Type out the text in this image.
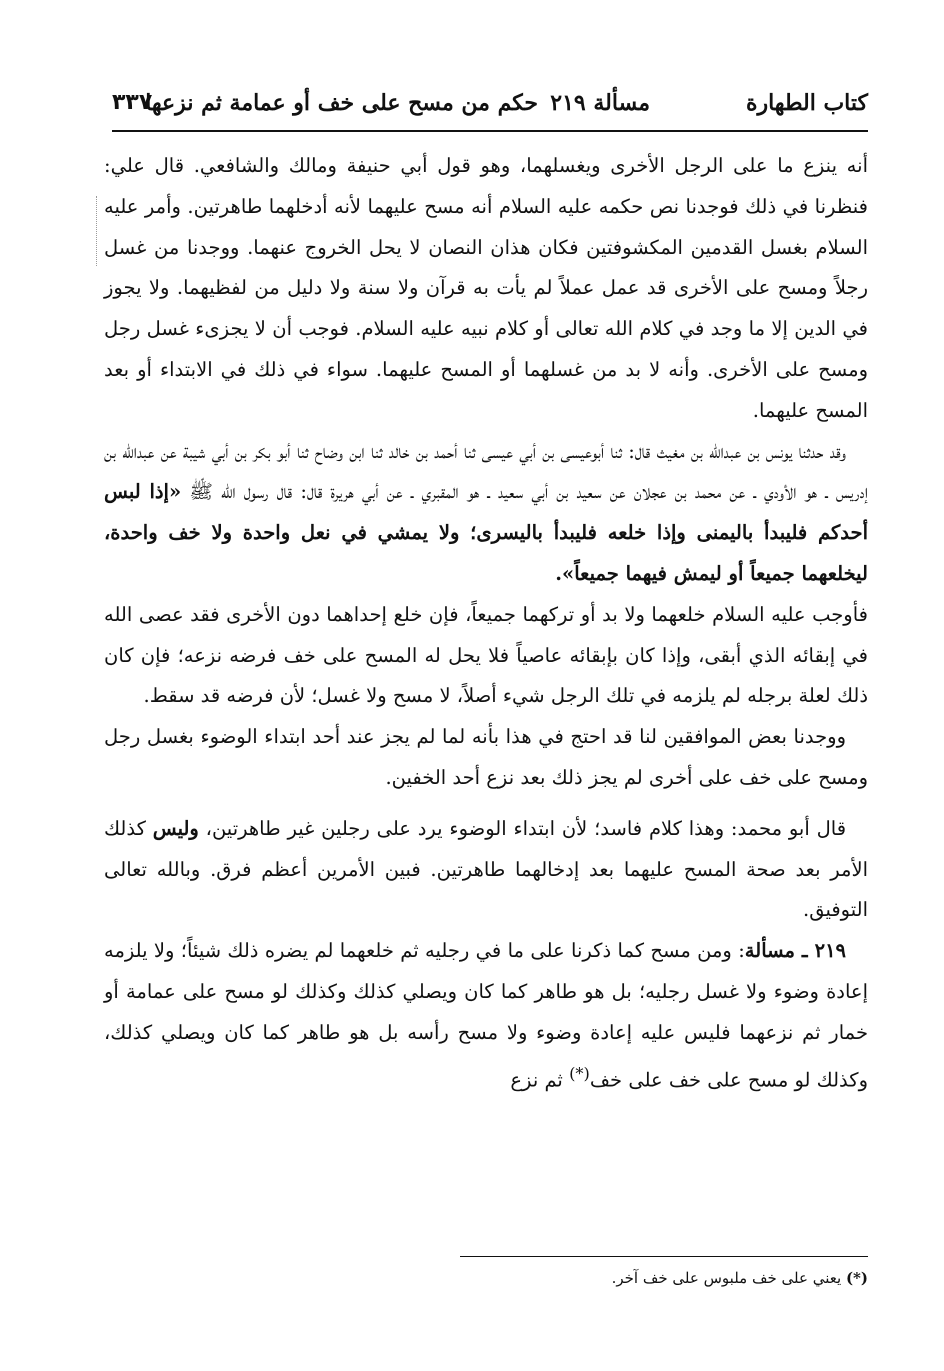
كتاب الطهارة
مسألة ٢١٩
حكم من مسح على خف أو عمامة ثم نزعها
٣٣٧

أنه ينزع ما على الرجل الأخرى ويغسلهما، وهو قول أبي حنيفة ومالك والشافعي. قال علي: فنظرنا في ذلك فوجدنا نص حكمه عليه السلام أنه مسح عليهما لأنه أدخلهما طاهرتين. وأمر عليه السلام بغسل القدمين المكشوفتين فكان هذان النصان لا يحل الخروج عنهما. ووجدنا من غسل رجلاً ومسح على الأخرى قد عمل عملاً لم يأت به قرآن ولا سنة ولا دليل من لفظيهما. ولا يجوز في الدين إلا ما وجد في كلام الله تعالى أو كلام نبيه عليه السلام. فوجب أن لا يجزىء غسل رجل ومسح على الأخرى. وأنه لا بد من غسلهما أو المسح عليهما. سواء في ذلك في الابتداء أو بعد المسح عليهما.

وقد حدثنا يونس بن عبدالله بن مغيث قال: ثنا أبوعيسى بن أبي عيسى ثنا أحمد بن خالد ثنا ابن وضاح ثنا أبو بكر بن أبي شيبة عن عبدالله بن إدريس ـ هو الأودي ـ عن محمد بن عجلان عن سعيد بن أبي سعيد ـ هو المقبري ـ عن أبي هريرة قال: قال رسول الله ﷺ «إذا لبس أحدكم فليبدأ باليمنى وإذا خلعه فليبدأ باليسرى؛ ولا يمشي في نعل واحدة ولا خف واحدة، ليخلعهما جميعاً أو ليمش فيهما جميعاً».

فأوجب عليه السلام خلعهما ولا بد أو تركهما جميعاً، فإن خلع إحداهما دون الأخرى فقد عصى الله في إبقائه الذي أبقى، وإذا كان بإبقائه عاصياً فلا يحل له المسح على خف فرضه نزعه؛ فإن كان ذلك لعلة برجله لم يلزمه في تلك الرجل شيء أصلاً، لا مسح ولا غسل؛ لأن فرضه قد سقط.

ووجدنا بعض الموافقين لنا قد احتج في هذا بأنه لما لم يجز عند أحد ابتداء الوضوء بغسل رجل ومسح على خف على أخرى لم يجز ذلك بعد نزع أحد الخفين.

قال أبو محمد: وهذا كلام فاسد؛ لأن ابتداء الوضوء يرد على رجلين غير طاهرتين، وليس كذلك الأمر بعد صحة المسح عليهما بعد إدخالهما طاهرتين. فبين الأمرين أعظم فرق. وبالله تعالى التوفيق.

٢١٩ ـ مسألة: ومن مسح كما ذكرنا على ما في رجليه ثم خلعهما لم يضره ذلك شيئاً؛ ولا يلزمه إعادة وضوء ولا غسل رجليه؛ بل هو طاهر كما كان ويصلي كذلك وكذلك لو مسح على عمامة أو خمار ثم نزعهما فليس عليه إعادة وضوء ولا مسح رأسه بل هو طاهر كما كان ويصلي كذلك، وكذلك لو مسح على خف على خف(*) ثم نزع

(*) يعني على خف ملبوس على خف آخر.
